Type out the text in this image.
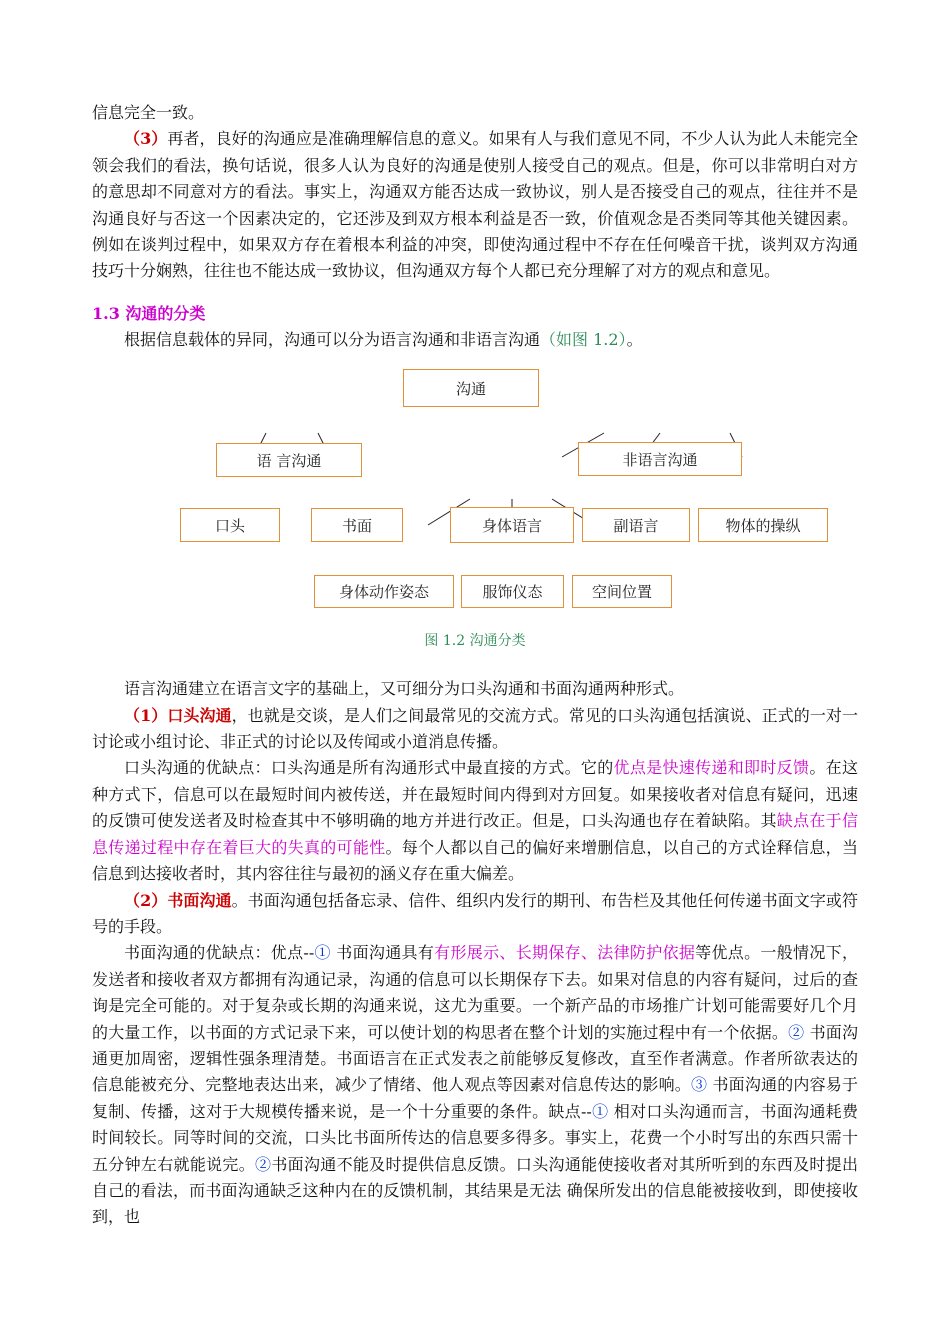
信息完全一致。

（3）再者，良好的沟通应是准确理解信息的意义。如果有人与我们意见不同，不少人认为此人未能完全领会我们的看法，换句话说，很多人认为良好的沟通是使别人接受自己的观点。但是，你可以非常明白对方的意思却不同意对方的看法。事实上，沟通双方能否达成一致协议，别人是否接受自己的观点，往往并不是沟通良好与否这一个因素决定的，它还涉及到双方根本利益是否一致，价值观念是否类同等其他关键因素。例如在谈判过程中，如果双方存在着根本利益的冲突，即使沟通过程中不存在任何噪音干扰，谈判双方沟通技巧十分娴熟，往往也不能达成一致协议，但沟通双方每个人都已充分理解了对方的观点和意见。

1.3 沟通的分类

根据信息载体的异同，沟通可以分为语言沟通和非语言沟通（如图 1.2）。

沟通
语 言沟通	非语言沟通
口头	书面	身体语言	副语言	物体的操纵
身体动作姿态	服饰仪态	空间位置
图 1.2 沟通分类

语言沟通建立在语言文字的基础上，又可细分为口头沟通和书面沟通两种形式。

（1）口头沟通，也就是交谈，是人们之间最常见的交流方式。常见的口头沟通包括演说、正式的一对一讨论或小组讨论、非正式的讨论以及传闻或小道消息传播。

口头沟通的优缺点：口头沟通是所有沟通形式中最直接的方式。它的优点是快速传递和即时反馈。在这种方式下，信息可以在最短时间内被传送，并在最短时间内得到对方回复。如果接收者对信息有疑问，迅速的反馈可使发送者及时检查其中不够明确的地方并进行改正。但是，口头沟通也存在着缺陷。其缺点在于信息传递过程中存在着巨大的失真的可能性。每个人都以自己的偏好来增删信息，以自己的方式诠释信息，当信息到达接收者时，其内容往往与最初的涵义存在重大偏差。

（2）书面沟通。书面沟通包括备忘录、信件、组织内发行的期刊、布告栏及其他任何传递书面文字或符号的手段。

书面沟通的优缺点：优点--① 书面沟通具有有形展示、长期保存、法律防护依据等优点。一般情况下，发送者和接收者双方都拥有沟通记录，沟通的信息可以长期保存下去。如果对信息的内容有疑问，过后的查询是完全可能的。对于复杂或长期的沟通来说，这尤为重要。一个新产品的市场推广计划可能需要好几个月的大量工作，以书面的方式记录下来，可以使计划的构思者在整个计划的实施过程中有一个依据。② 书面沟通更加周密，逻辑性强条理清楚。书面语言在正式发表之前能够反复修改，直至作者满意。作者所欲表达的信息能被充分、完整地表达出来，减少了情绪、他人观点等因素对信息传达的影响。③ 书面沟通的内容易于复制、传播，这对于大规模传播来说，是一个十分重要的条件。缺点--① 相对口头沟通而言，书面沟通耗费时间较长。同等时间的交流，口头比书面所传达的信息要多得多。事实上，花费一个小时写出的东西只需十五分钟左右就能说完。②书面沟通不能及时提供信息反馈。口头沟通能使接收者对其所听到的东西及时提出自己的看法，而书面沟通缺乏这种内在的反馈机制，其结果是无法 确保所发出的信息能被接收到，即使接收到，也
